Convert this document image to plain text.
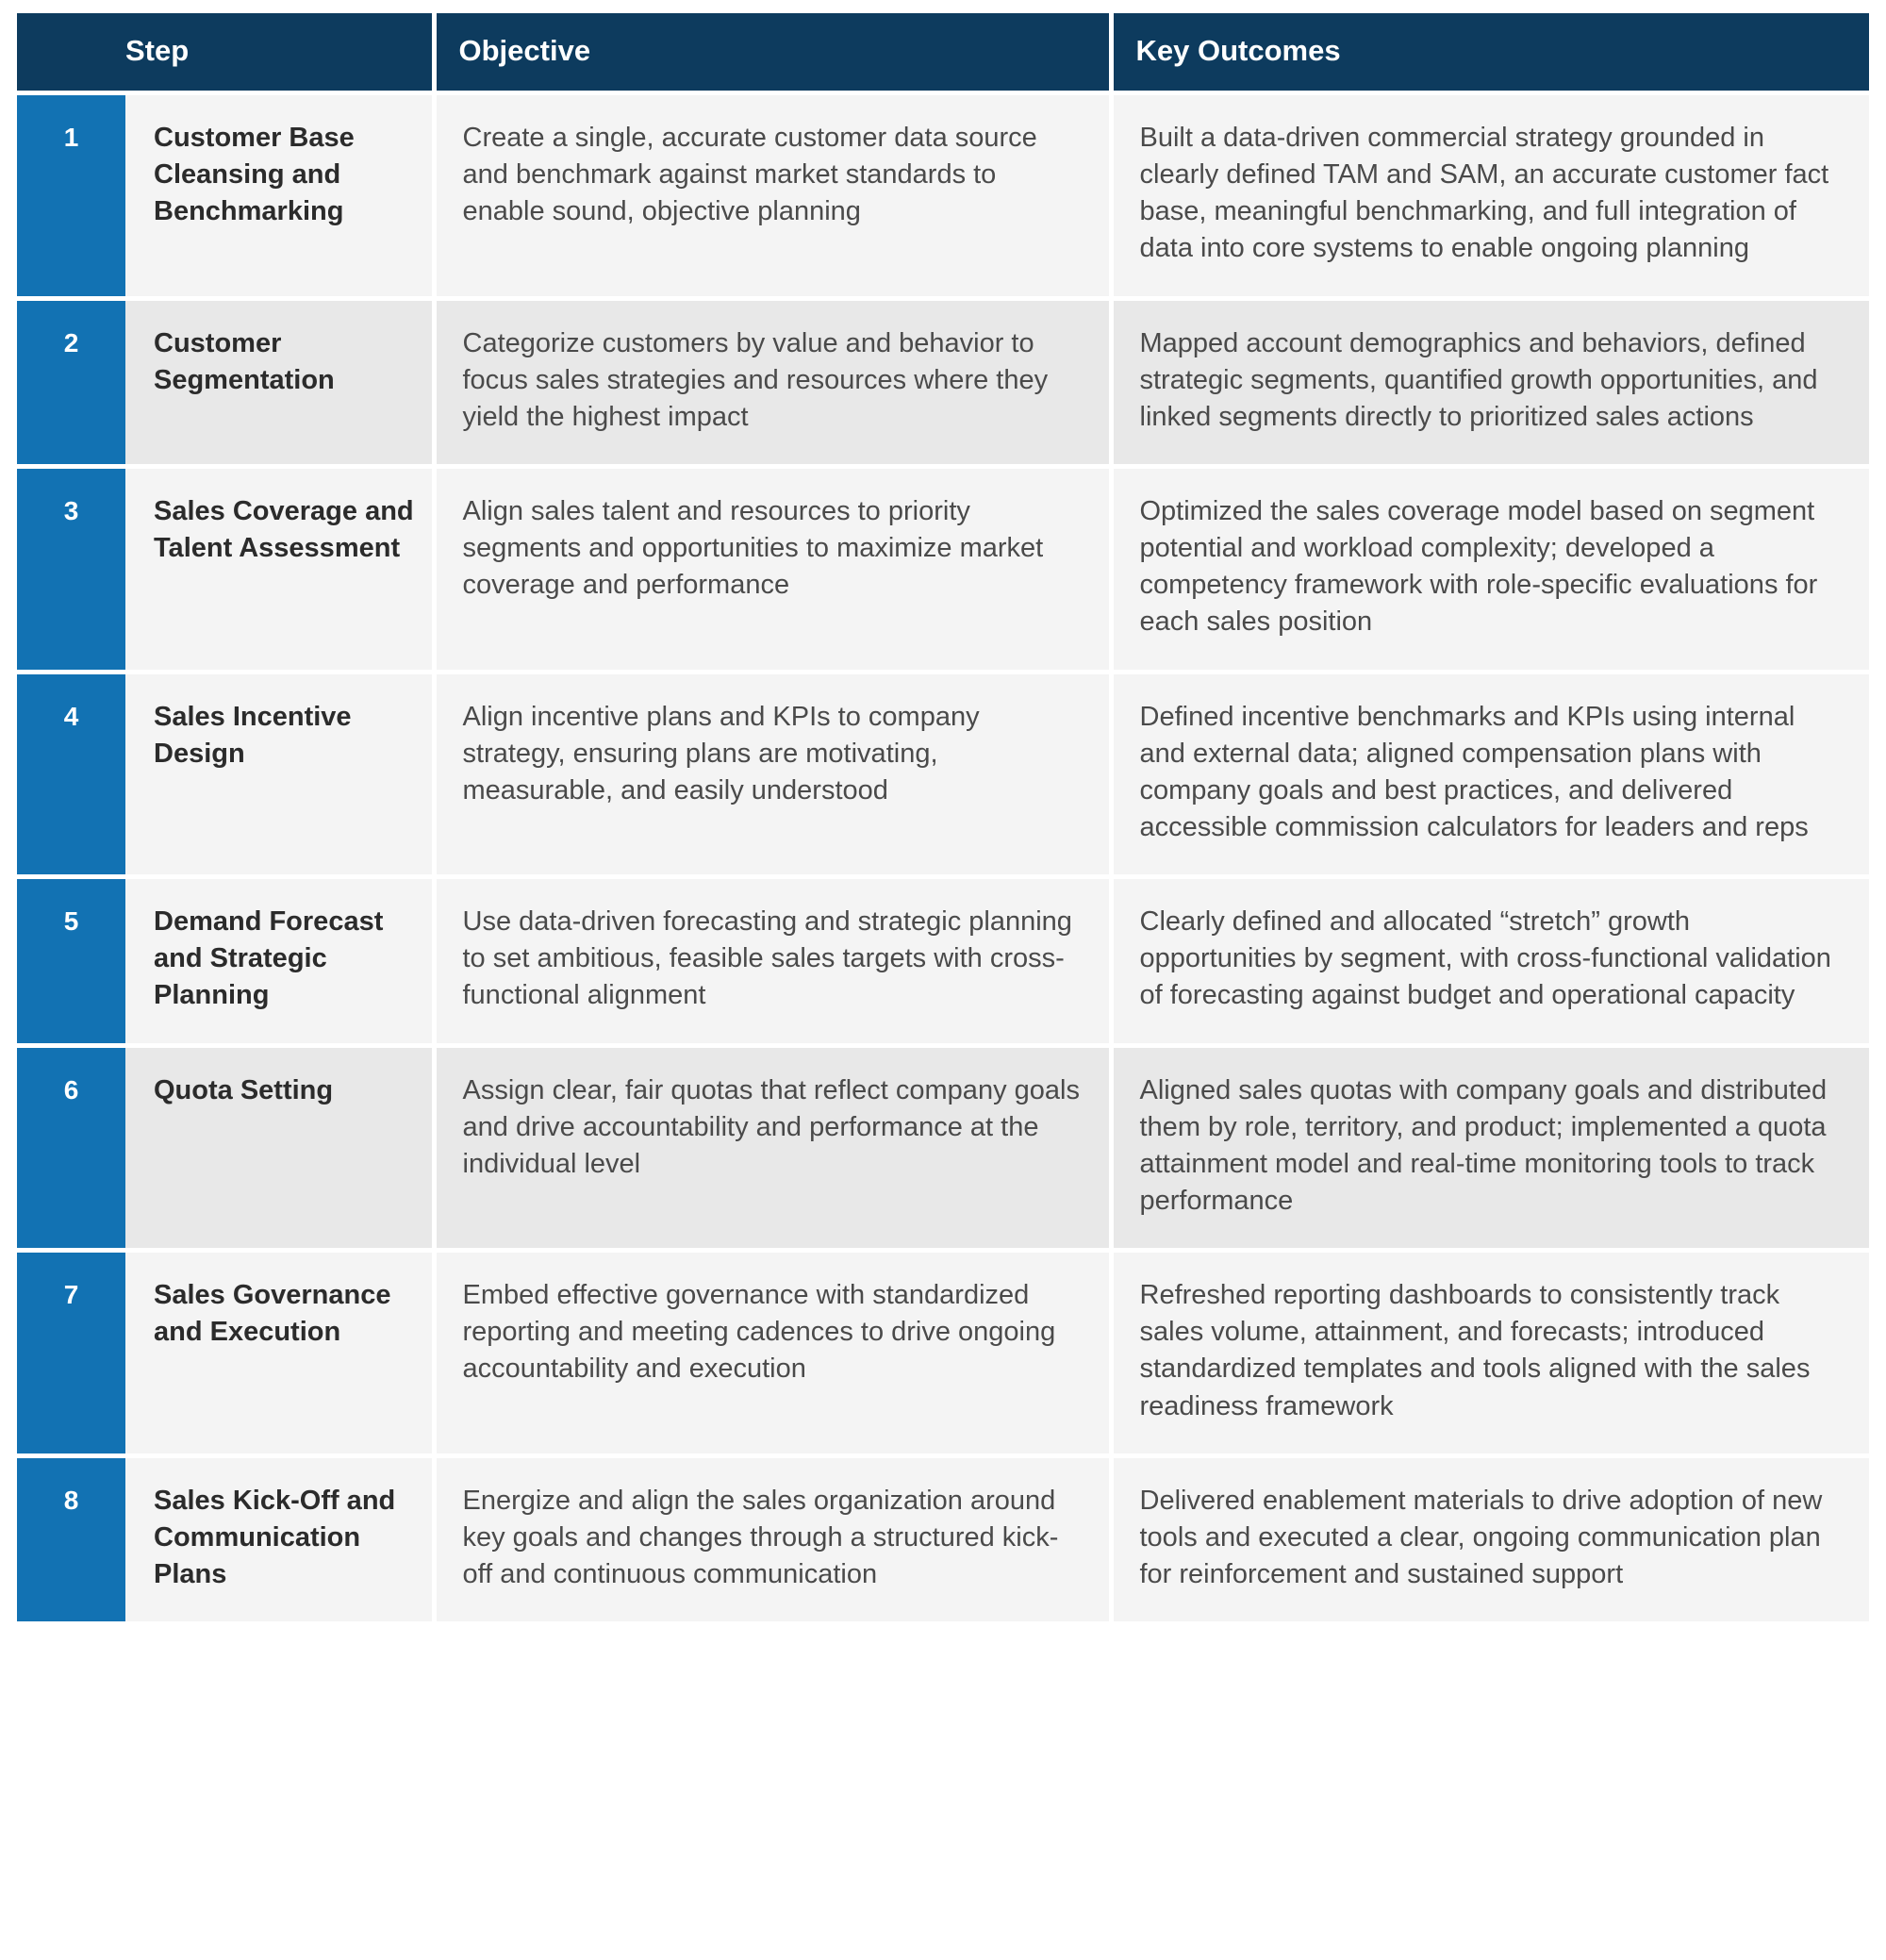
	Step	Objective	Key Outcomes
1	Customer Base Cleansing and Benchmarking	Create a single, accurate customer data source and benchmark against market standards to enable sound, objective planning	Built a data-driven commercial strategy grounded in clearly defined TAM and SAM, an accurate customer fact base, meaningful benchmarking, and full integration of data into core systems to enable ongoing planning
2	Customer Segmentation	Categorize customers by value and behavior to focus sales strategies and resources where they yield the highest impact	Mapped account demographics and behaviors, defined strategic segments, quantified growth opportunities, and linked segments directly to prioritized sales actions
3	Sales Coverage and Talent Assessment	Align sales talent and resources to priority segments and opportunities to maximize market coverage and performance	Optimized the sales coverage model based on segment potential and workload complexity; developed a competency framework with role-specific evaluations for each sales position
4	Sales Incentive Design	Align incentive plans and KPIs to company strategy, ensuring plans are motivating, measurable, and easily understood	Defined incentive benchmarks and KPIs using internal and external data; aligned compensation plans with company goals and best practices, and delivered accessible commission calculators for leaders and reps
5	Demand Forecast and Strategic Planning	Use data-driven forecasting and strategic planning to set ambitious, feasible sales targets with cross-functional alignment	Clearly defined and allocated “stretch” growth opportunities by segment, with cross-functional validation of forecasting against budget and operational capacity
6	Quota Setting	Assign clear, fair quotas that reflect company goals and drive accountability and performance at the individual level	Aligned sales quotas with company goals and distributed them by role, territory, and product; implemented a quota attainment model and real-time monitoring tools to track performance
7	Sales Governance and Execution	Embed effective governance with standardized reporting and meeting cadences to drive ongoing accountability and execution	Refreshed reporting dashboards to consistently track sales volume, attainment, and forecasts; introduced standardized templates and tools aligned with the sales readiness framework
8	Sales Kick-Off and Communication Plans	Energize and align the sales organization around key goals and changes through a structured kick-off and continuous communication	Delivered enablement materials to drive adoption of new tools and executed a clear, ongoing communication plan for reinforcement and sustained support
